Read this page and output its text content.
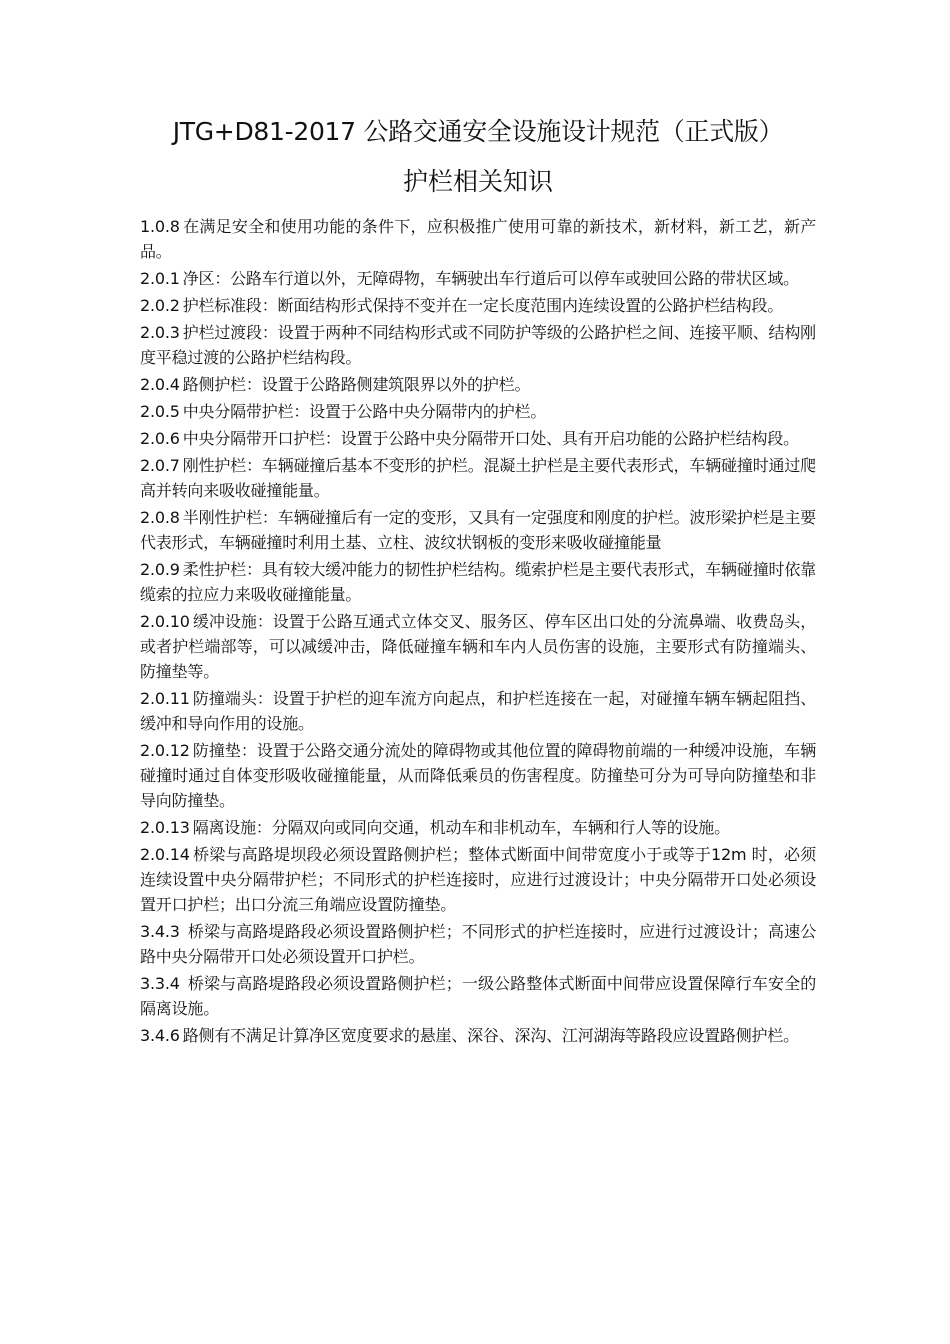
JTG+D81-2017 公路交通安全设施设计规范（正式版）
护栏相关知识

1.0.8 在满足安全和使用功能的条件下，应积极推广使用可靠的新技术，新材料，新工艺，新产品。

2.0.1 净区：公路车行道以外，无障碍物，车辆驶出车行道后可以停车或驶回公路的带状区域。

2.0.2 护栏标准段：断面结构形式保持不变并在一定长度范围内连续设置的公路护栏结构段。

2.0.3 护栏过渡段：设置于两种不同结构形式或不同防护等级的公路护栏之间、连接平顺、结构刚度平稳过渡的公路护栏结构段。

2.0.4 路侧护栏：设置于公路路侧建筑限界以外的护栏。

2.0.5 中央分隔带护栏：设置于公路中央分隔带内的护栏。

2.0.6 中央分隔带开口护栏：设置于公路中央分隔带开口处、具有开启功能的公路护栏结构段。

2.0.7 刚性护栏：车辆碰撞后基本不变形的护栏。混凝土护栏是主要代表形式，车辆碰撞时通过爬高并转向来吸收碰撞能量。

2.0.8 半刚性护栏：车辆碰撞后有一定的变形，又具有一定强度和刚度的护栏。波形梁护栏是主要代表形式，车辆碰撞时利用土基、立柱、波纹状钢板的变形来吸收碰撞能量

2.0.9 柔性护栏：具有较大缓冲能力的韧性护栏结构。缆索护栏是主要代表形式，车辆碰撞时依靠缆索的拉应力来吸收碰撞能量。

2.0.10 缓冲设施：设置于公路互通式立体交叉、服务区、停车区出口处的分流鼻端、收费岛头，或者护栏端部等，可以减缓冲击，降低碰撞车辆和车内人员伤害的设施，主要形式有防撞端头、防撞垫等。

2.0.11 防撞端头：设置于护栏的迎车流方向起点，和护栏连接在一起，对碰撞车辆车辆起阻挡、缓冲和导向作用的设施。

2.0.12 防撞垫：设置于公路交通分流处的障碍物或其他位置的障碍物前端的一种缓冲设施，车辆碰撞时通过自体变形吸收碰撞能量，从而降低乘员的伤害程度。防撞垫可分为可导向防撞垫和非导向防撞垫。

2.0.13 隔离设施：分隔双向或同向交通，机动车和非机动车，车辆和行人等的设施。

2.0.14 桥梁与高路堤坝段必须设置路侧护栏；整体式断面中间带宽度小于或等于12m 时，必须连续设置中央分隔带护栏；不同形式的护栏连接时，应进行过渡设计；中央分隔带开口处必须设置开口护栏；出口分流三角端应设置防撞垫。

3.4.3 桥梁与高路堤路段必须设置路侧护栏；不同形式的护栏连接时，应进行过渡设计；高速公路中央分隔带开口处必须设置开口护栏。

3.3.4 桥梁与高路堤路段必须设置路侧护栏；一级公路整体式断面中间带应设置保障行车安全的隔离设施。

3.4.6 路侧有不满足计算净区宽度要求的悬崖、深谷、深沟、江河湖海等路段应设置路侧护栏。
